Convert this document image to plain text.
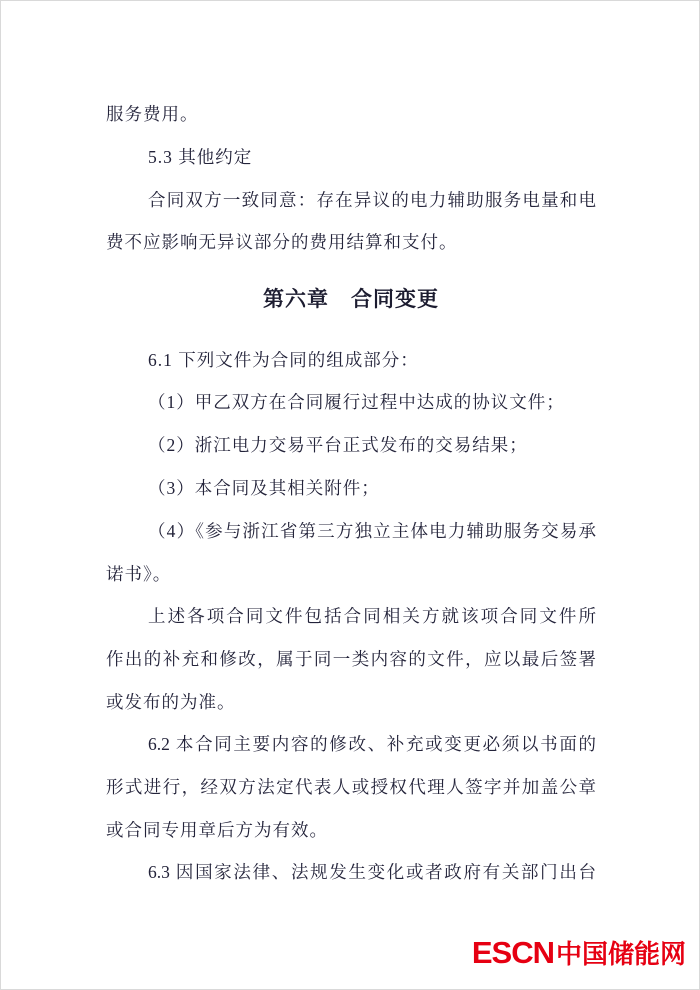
服务费用。
5.3 其他约定
合同双方一致同意：存在异议的电力辅助服务电量和电
费不应影响无异议部分的费用结算和支付。
第六章　合同变更
6.1 下列文件为合同的组成部分：
（1）甲乙双方在合同履行过程中达成的协议文件；
（2）浙江电力交易平台正式发布的交易结果；
（3）本合同及其相关附件；
（4）《参与浙江省第三方独立主体电力辅助服务交易承
诺书》。
上述各项合同文件包括合同相关方就该项合同文件所
作出的补充和修改，属于同一类内容的文件，应以最后签署
或发布的为准。
6.2 本合同主要内容的修改、补充或变更必须以书面的
形式进行，经双方法定代表人或授权代理人签字并加盖公章
或合同专用章后方为有效。
6.3 因国家法律、法规发生变化或者政府有关部门出台
ESCN 中国储能网
